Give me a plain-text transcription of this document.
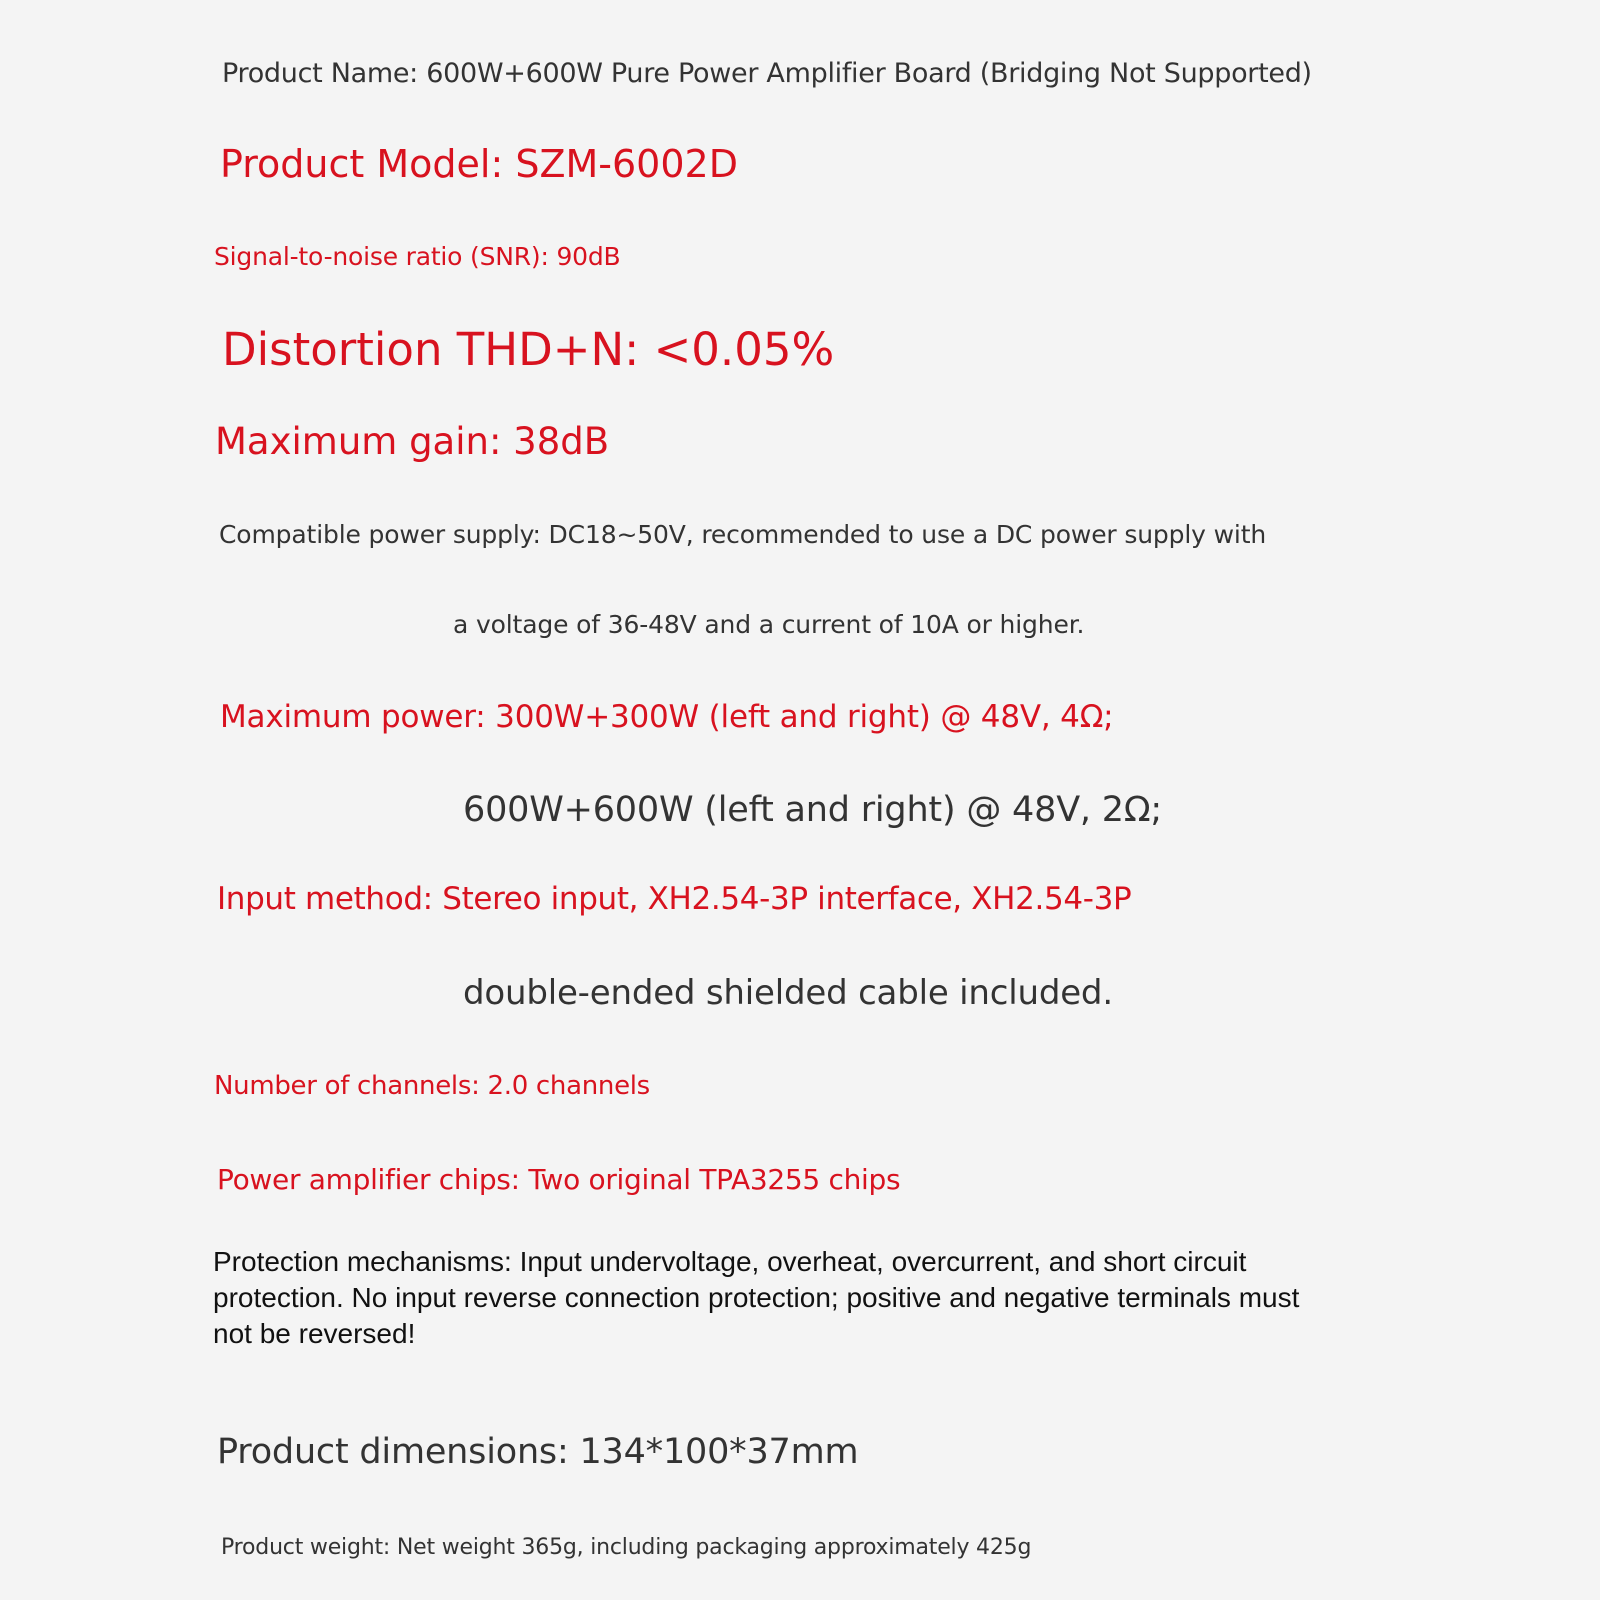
Product Name: 600W+600W Pure Power Amplifier Board (Bridging Not Supported)
Product Model: SZM-6002D
Signal-to-noise ratio (SNR): 90dB
Distortion THD+N: <0.05%
Maximum gain: 38dB
Compatible power supply: DC18~50V, recommended to use a DC power supply with
a voltage of 36-48V and a current of 10A or higher.
Maximum power: 300W+300W (left and right) @ 48V, 4Ω;
600W+600W (left and right) @ 48V, 2Ω;
Input method: Stereo input, XH2.54-3P interface, XH2.54-3P
double-ended shielded cable included.
Number of channels: 2.0 channels
Power amplifier chips: Two original TPA3255 chips
Protection mechanisms: Input undervoltage, overheat, overcurrent, and short circuit protection. No input reverse connection protection; positive and negative terminals must not be reversed!
Product dimensions: 134*100*37mm
Product weight: Net weight 365g, including packaging approximately 425g
